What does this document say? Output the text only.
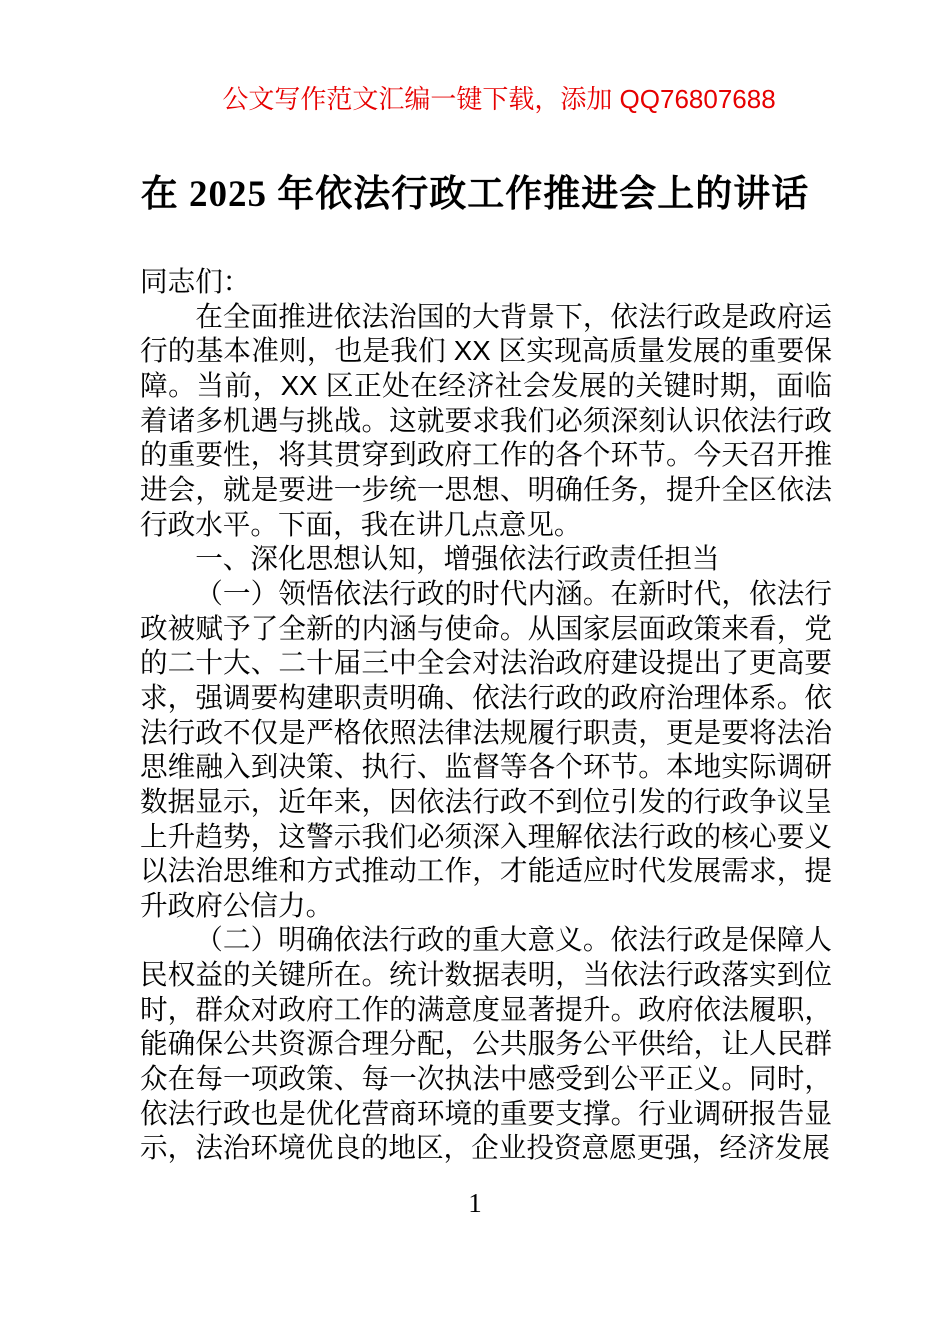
公文写作范文汇编一键下载，添加 QQ76807688
在 2025 年依法行政工作推进会上的讲话

同志们：

在全面推进依法治国的大背景下，依法行政是政府运行的基本准则，也是我们 XX 区实现高质量发展的重要保障。当前，XX 区正处在经济社会发展的关键时期，面临着诸多机遇与挑战。这就要求我们必须深刻认识依法行政的重要性，将其贯穿到政府工作的各个环节。今天召开推进会，就是要进一步统一思想、明确任务，提升全区依法行政水平。下面，我在讲几点意见。

一、深化思想认知，增强依法行政责任担当

（一）领悟依法行政的时代内涵。在新时代，依法行政被赋予了全新的内涵与使命。从国家层面政策来看，党的二十大、二十届三中全会对法治政府建设提出了更高要求，强调要构建职责明确、依法行政的政府治理体系。依法行政不仅是严格依照法律法规履行职责，更是要将法治思维融入到决策、执行、监督等各个环节。本地实际调研数据显示，近年来，因依法行政不到位引发的行政争议呈上升趋势，这警示我们必须深入理解依法行政的核心要义以法治思维和方式推动工作，才能适应时代发展需求，提升政府公信力。

（二）明确依法行政的重大意义。依法行政是保障人民权益的关键所在。统计数据表明，当依法行政落实到位时，群众对政府工作的满意度显著提升。政府依法履职，能确保公共资源合理分配，公共服务公平供给，让人民群众在每一项政策、每一次执法中感受到公平正义。同时，依法行政也是优化营商环境的重要支撑。行业调研报告显示，法治环境优良的地区，企业投资意愿更强，经济发展

1
